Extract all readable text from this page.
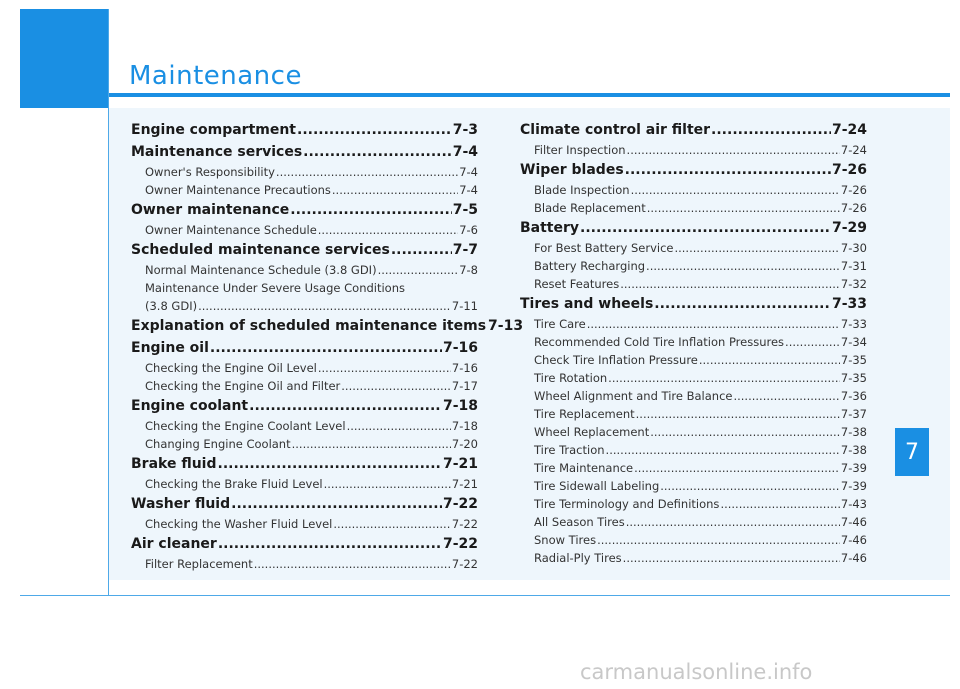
Maintenance
Engine compartment .....	7-3
Maintenance services .....	7-4
Owner's Responsibility .....	7-4
Owner Maintenance Precautions .....	7-4
Owner maintenance .....	7-5
Owner Maintenance Schedule .....	7-6
Scheduled maintenance services .....	7-7
Normal Maintenance Schedule (3.8 GDI) .....	7-8
Maintenance Under Severe Usage Conditions
(3.8 GDI) .....	7-11
Explanation of scheduled maintenance items 7-13
Engine oil .....	7-16
Checking the Engine Oil Level .....	7-16
Checking the Engine Oil and Filter .....	7-17
Engine coolant .....	7-18
Checking the Engine Coolant Level .....	7-18
Changing Engine Coolant .....	7-20
Brake fluid .....	7-21
Checking the Brake Fluid Level .....	7-21
Washer fluid .....	7-22
Checking the Washer Fluid Level .....	7-22
Air cleaner .....	7-22
Filter Replacement .....	7-22
Climate control air filter .....	7-24
Filter Inspection .....	7-24
Wiper blades .....	7-26
Blade Inspection .....	7-26
Blade Replacement .....	7-26
Battery .....	7-29
For Best Battery Service .....	7-30
Battery Recharging .....	7-31
Reset Features .....	7-32
Tires and wheels .....	7-33
Tire Care .....	7-33
Recommended Cold Tire Inflation Pressures .....	7-34
Check Tire Inflation Pressure .....	7-35
Tire Rotation .....	7-35
Wheel Alignment and Tire Balance .....	7-36
Tire Replacement .....	7-37
Wheel Replacement .....	7-38
Tire Traction .....	7-38
Tire Maintenance .....	7-39
Tire Sidewall Labeling .....	7-39
Tire Terminology and Definitions .....	7-43
All Season Tires .....	7-46
Snow Tires .....	7-46
Radial-Ply Tires .....	7-46
7
carmanualsonline.info
